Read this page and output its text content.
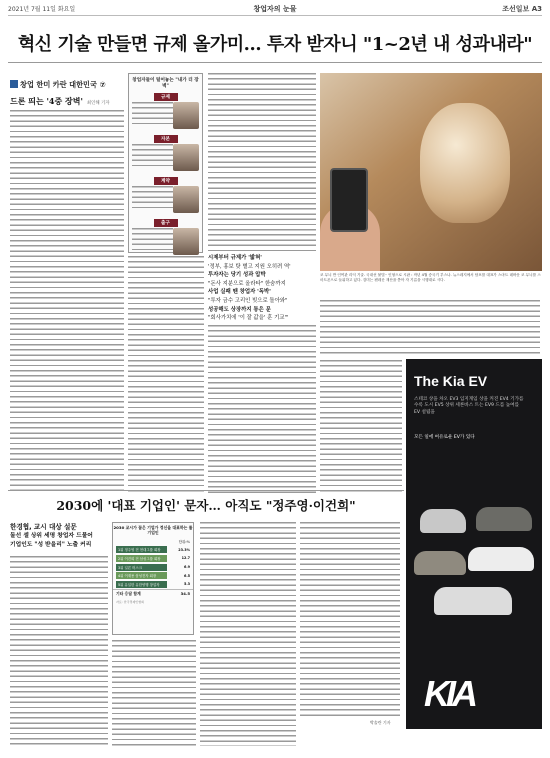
2021년 7월 11일 화요일	창업자의 눈물	조선일보 A3
혁신 기술 만들면 규제 올가미… 투자 받자니 "1~2년 내 성과내라"
창업 한미 카란 대한민국 ⑦
드론 띄는 '4중 장벽' 최인해 기자
창업자들이 털어놓는 "내가 더 장벽"
규제
자본
계약
출구
시제부터 규제가 '밟혀'
'정부, 홍보 탓 별고 지원 오히려 역'
투자자는 당기 성과 압박
"돈사 지분으로 올라타" 한숨까지
사업 실패 땐 창업자 '독박'
"투자 금수 고리인 빚으로 돌아와"
성공해도 상장까지 통은 문
"회사가치에 '이 잘 값을' 훈 기교'"
코 무늬 반 인여관 리익 기술. 국내선 불법·· 인형으로 시판 : 작년 4월 증국기 부스나. 뉴스데지에서 담포를 대표가 스마트 데바운 코 무늬를 스마트폰으로 들위하고 있다. 검미는 팬데곳 재산을 쏟아 자 기름을 시행대로 시다.
The Kia EV
스테코 상을 차오 EV3 입지게임 상을 커진 EV4 기가를 수록 도시 EV5 상위 세론바스 트는 EV9 드를 높여를 EV 설립을
모든 일에 여유로운 EV가 있다
KIA
2030에 '대표 기업인' 문자… 아직도 "정주영·이건희"
한경협, 교시 대상 설문
돌선 셀 상위 세명 창업자 드물어
기업인도 "성 받을리" 노출 커리
2030 교시가 꼽은 기업가 정신을 대표하는 롤 기업인
단위:%
1위 정주영 전 현대그룹 회장	23.3%
2위 이건희 전 삼성그룹 회장	12.7
3위 일론 머스크	6.9
4위 이재용 삼성전자 회장	6.5
5위 유일한 유한양행 창업자	5.3
기타 응답 합계	34.5
자료: 한국경제인협회
박솔란 기자
